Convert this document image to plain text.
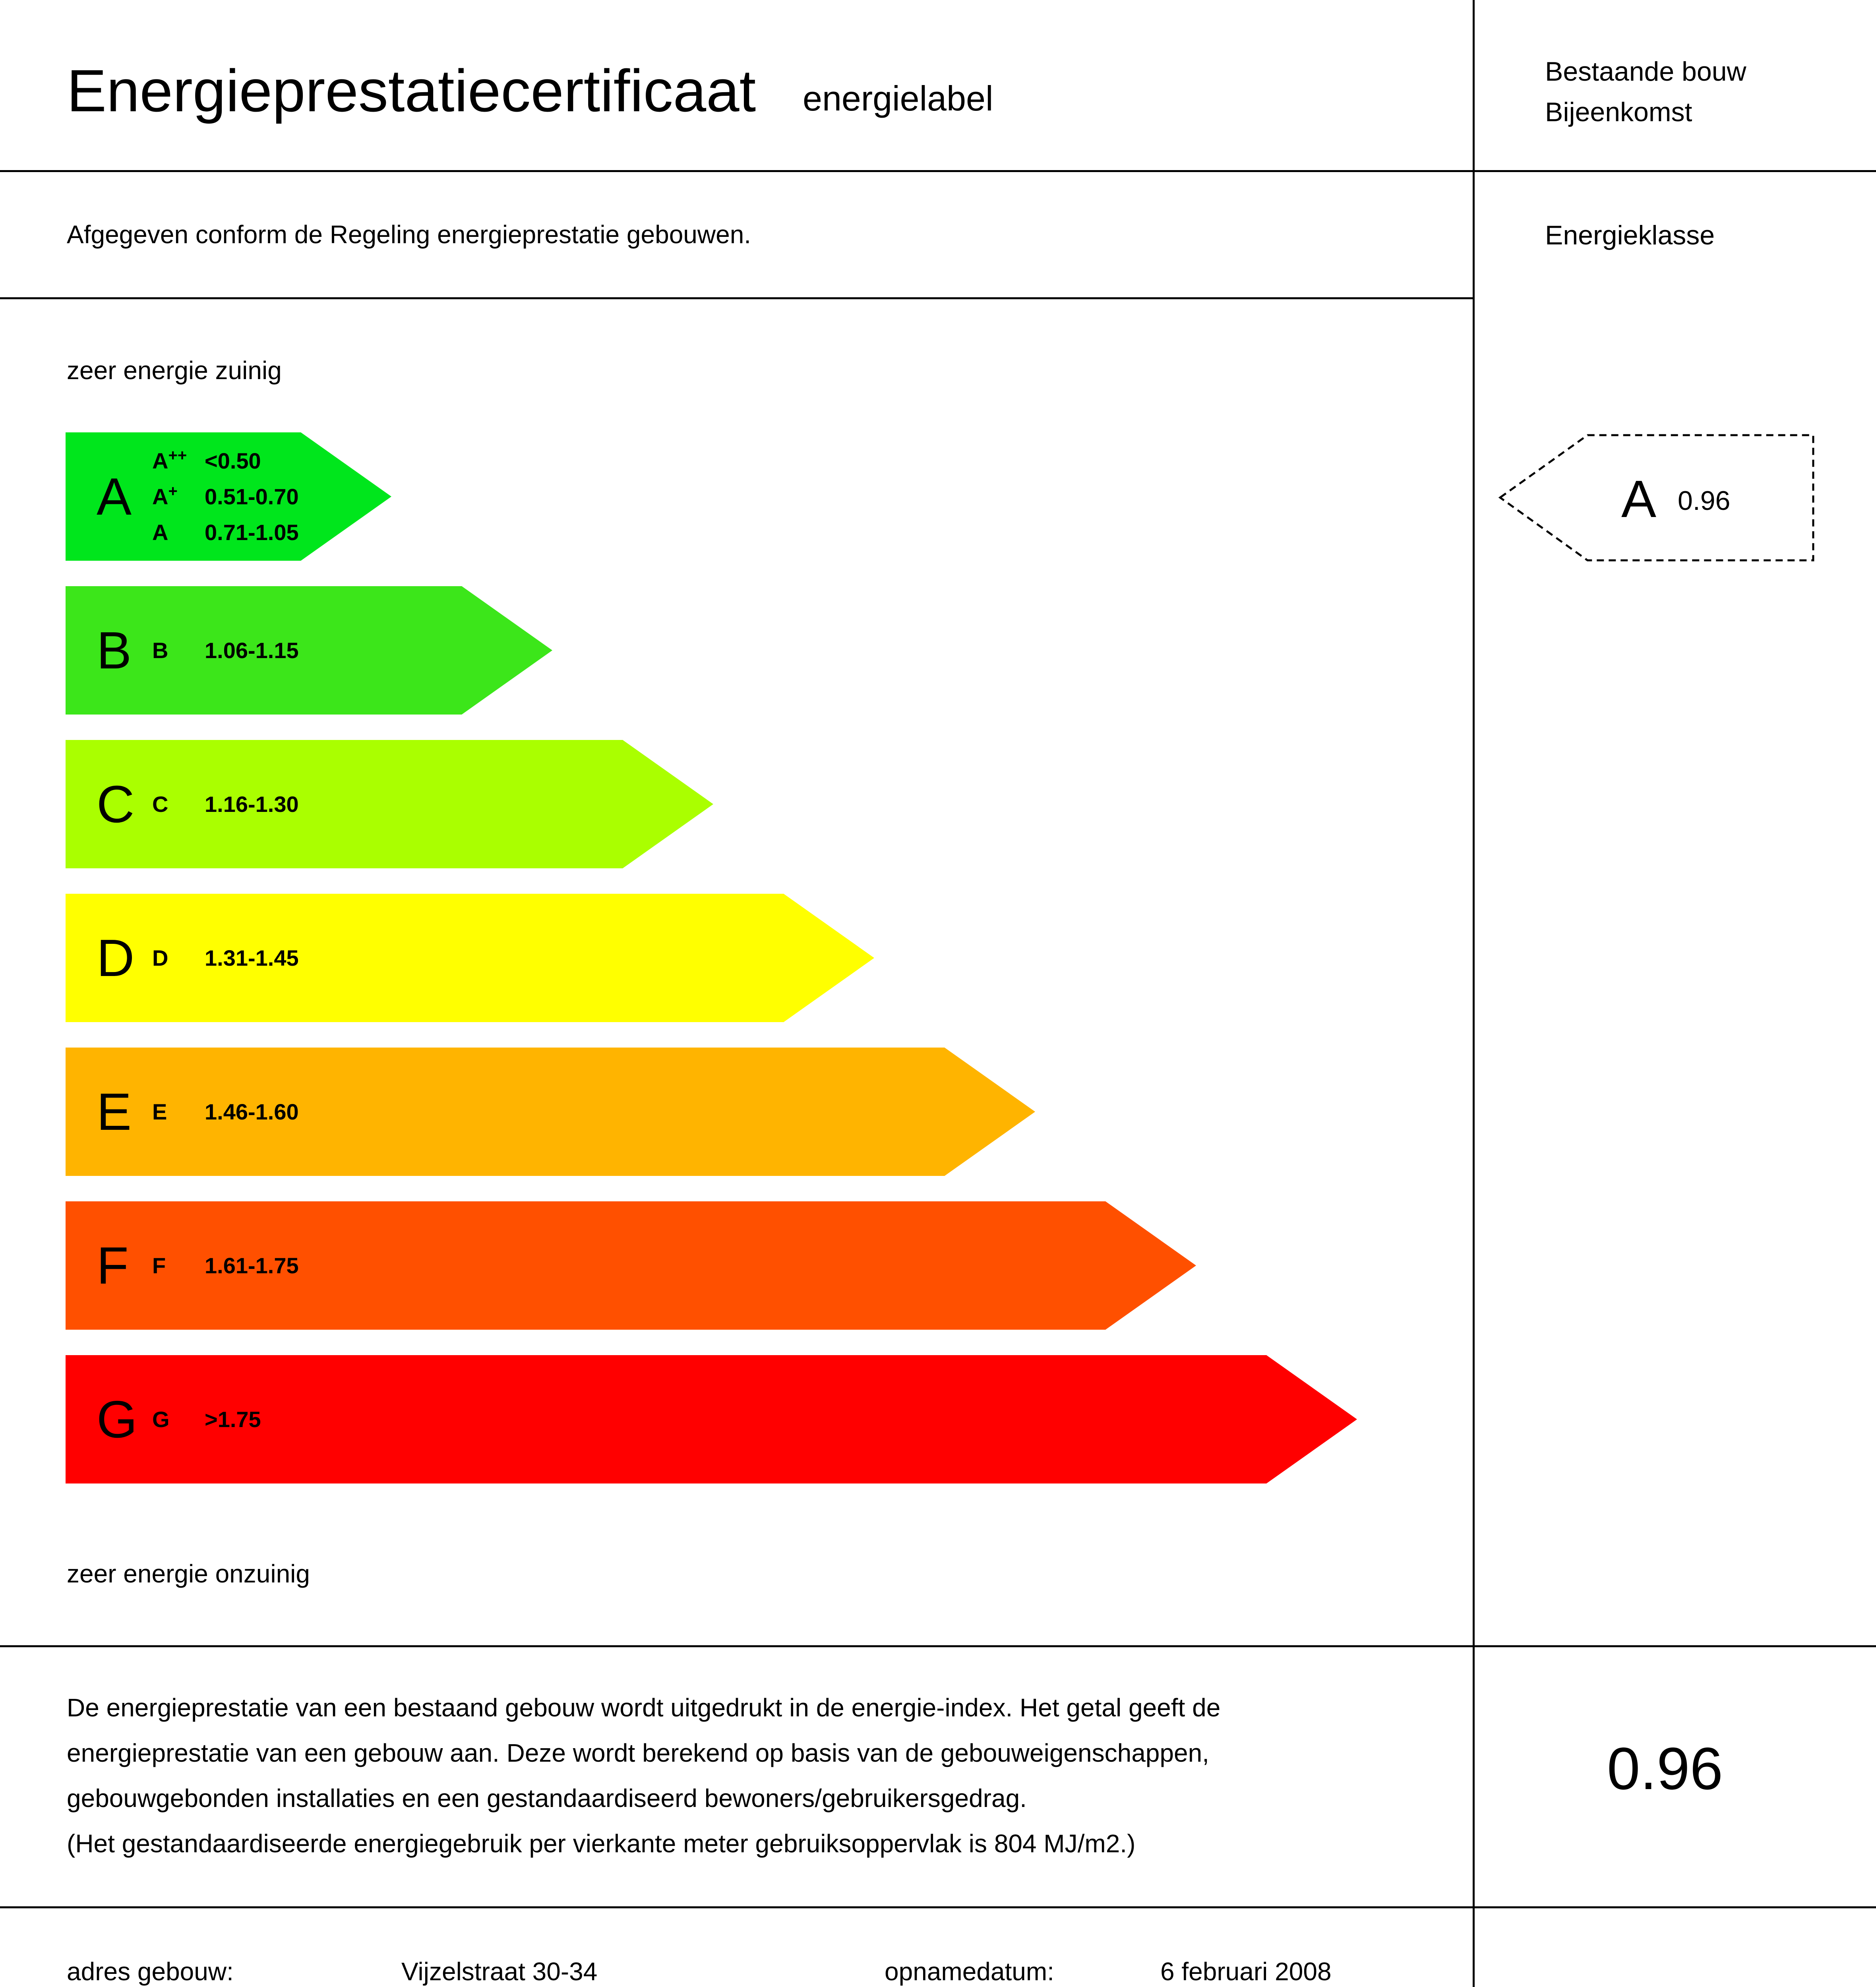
Energieprestatiecertificaat energielabel
Bestaande bouw
Bijeenkomst
Afgegeven conform de Regeling energieprestatie gebouwen.	Energieklasse
zeer energie zuinig
zeer energie onzuinig
A
A++ <0.50
A+ 0.51-0.70
A 0.71-1.05
B B 1.06-1.15
C C 1.16-1.30
D D 1.31-1.45
E E 1.46-1.60
F F 1.61-1.75
G G >1.75
A 0.96
De energieprestatie van een bestaand gebouw wordt uitgedrukt in de energie-index. Het getal geeft de
energieprestatie van een gebouw aan. Deze wordt berekend op basis van de gebouweigenschappen,
gebouwgebonden installaties en een gestandaardiseerd bewoners/gebruikersgedrag.
(Het gestandaardiseerde energiegebruik per vierkante meter gebruiksoppervlak is 804 MJ/m2.)
0.96
adres gebouw:	Vijzelstraat 30-34	opnamedatum:	6 februari 2008
